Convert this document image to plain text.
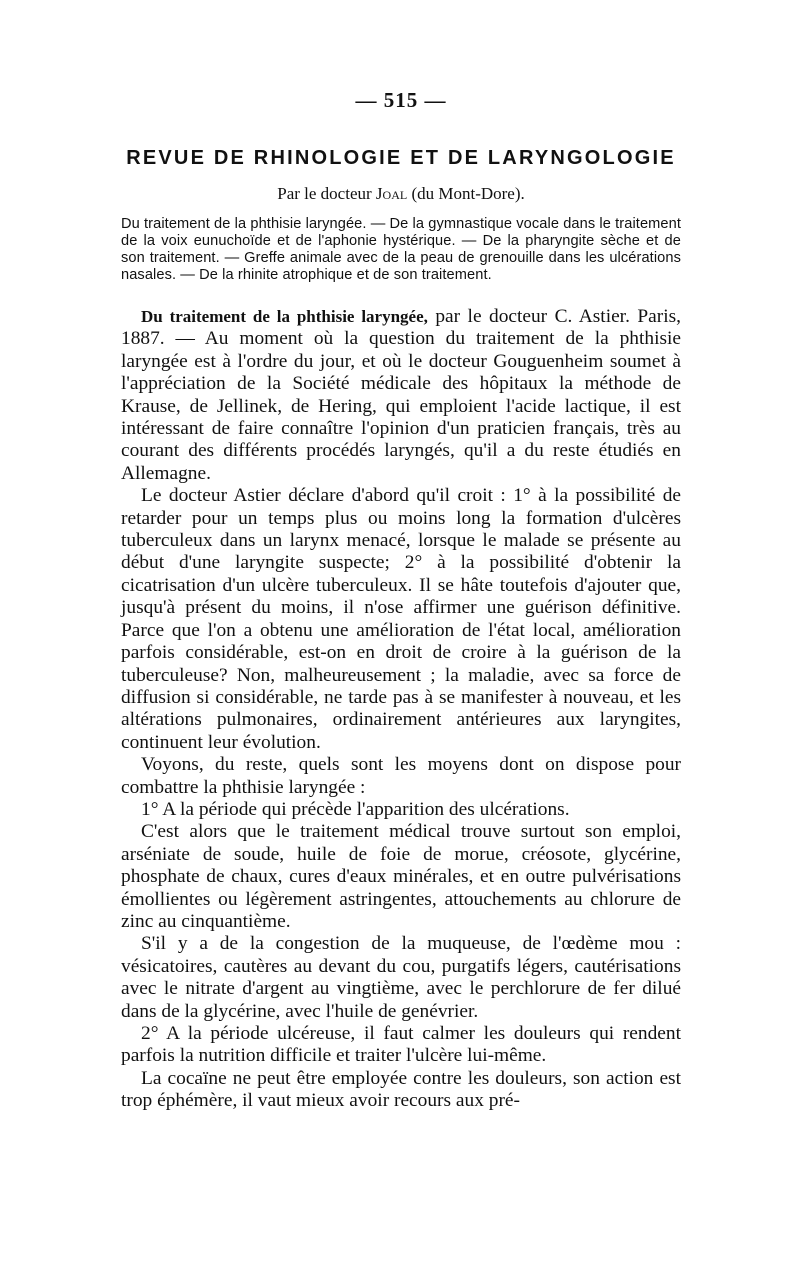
— 515 —
REVUE DE RHINOLOGIE ET DE LARYNGOLOGIE
Par le docteur Joal (du Mont-Dore).
Du traitement de la phthisie laryngée. — De la gymnastique vocale dans le traitement de la voix eunuchoïde et de l'aphonie hystérique. — De la pharyngite sèche et de son traitement. — Greffe animale avec de la peau de grenouille dans les ulcérations nasales. — De la rhinite atrophique et de son traitement.

Du traitement de la phthisie laryngée, par le docteur C. Astier. Paris, 1887. — Au moment où la question du traitement de la phthisie laryngée est à l'ordre du jour, et où le docteur Gouguenheim soumet à l'appréciation de la Société médicale des hôpitaux la méthode de Krause, de Jellinek, de Hering, qui emploient l'acide lactique, il est intéressant de faire connaître l'opinion d'un praticien français, très au courant des différents procédés laryngés, qu'il a du reste étudiés en Allemagne.

Le docteur Astier déclare d'abord qu'il croit : 1° à la possibilité de retarder pour un temps plus ou moins long la formation d'ulcères tuberculeux dans un larynx menacé, lorsque le malade se présente au début d'une laryngite suspecte; 2° à la possibilité d'obtenir la cicatrisation d'un ulcère tuberculeux. Il se hâte toutefois d'ajouter que, jusqu'à présent du moins, il n'ose affirmer une guérison définitive. Parce que l'on a obtenu une amélioration de l'état local, amélioration parfois considérable, est-on en droit de croire à la guérison de la tuberculeuse? Non, malheureusement ; la maladie, avec sa force de diffusion si considérable, ne tarde pas à se manifester à nouveau, et les altérations pulmonaires, ordinairement antérieures aux laryngites, continuent leur évolution.

Voyons, du reste, quels sont les moyens dont on dispose pour combattre la phthisie laryngée :

1° A la période qui précède l'apparition des ulcérations.

C'est alors que le traitement médical trouve surtout son emploi, arséniate de soude, huile de foie de morue, créosote, glycérine, phosphate de chaux, cures d'eaux minérales, et en outre pulvérisations émollientes ou légèrement astringentes, attouchements au chlorure de zinc au cinquantième.

S'il y a de la congestion de la muqueuse, de l'œdème mou : vésicatoires, cautères au devant du cou, purgatifs légers, cautérisations avec le nitrate d'argent au vingtième, avec le perchlorure de fer dilué dans de la glycérine, avec l'huile de genévrier.

2° A la période ulcéreuse, il faut calmer les douleurs qui rendent parfois la nutrition difficile et traiter l'ulcère lui-même.

La cocaïne ne peut être employée contre les douleurs, son action est trop éphémère, il vaut mieux avoir recours aux pré-
